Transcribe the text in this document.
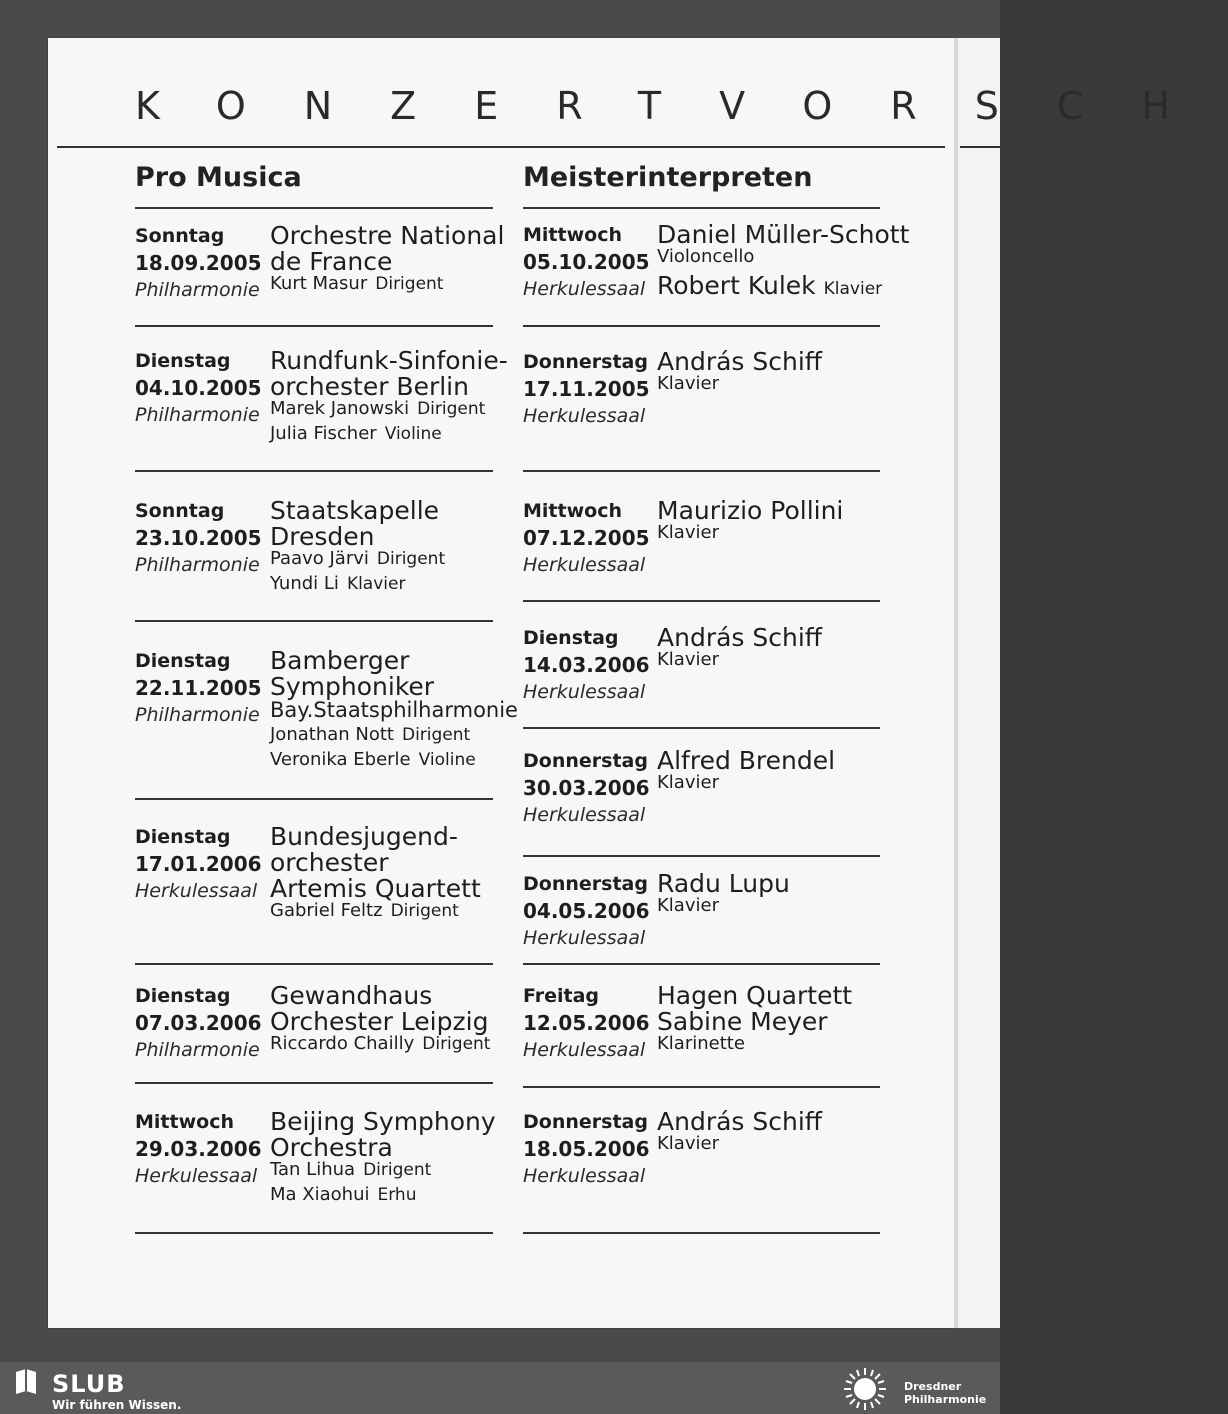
KONZERTVORSCH
Pro Musica	Meisterinterpreten
Sonntag
18.09.2005
Philharmonie
Orchestre National
de France
Kurt Masur Dirigent
Dienstag
04.10.2005
Philharmonie
Rundfunk-Sinfonie-
orchester Berlin
Marek Janowski Dirigent
Julia Fischer Violine
Sonntag
23.10.2005
Philharmonie
Staatskapelle
Dresden
Paavo Järvi Dirigent
Yundi Li Klavier
Dienstag
22.11.2005
Philharmonie
Bamberger
Symphoniker
Bay.Staatsphilharmonie
Jonathan Nott Dirigent
Veronika Eberle Violine
Dienstag
17.01.2006
Herkulessaal
Bundesjugend-
orchester
Artemis Quartett
Gabriel Feltz Dirigent
Dienstag
07.03.2006
Philharmonie
Gewandhaus
Orchester Leipzig
Riccardo Chailly Dirigent
Mittwoch
29.03.2006
Herkulessaal
Beijing Symphony
Orchestra
Tan Lihua Dirigent
Ma Xiaohui Erhu
Mittwoch
05.10.2005
Herkulessaal
Daniel Müller-Schott
Violoncello
Robert Kulek Klavier
Donnerstag
17.11.2005
Herkulessaal
András Schiff
Klavier
Mittwoch
07.12.2005
Herkulessaal
Maurizio Pollini
Klavier
Dienstag
14.03.2006
Herkulessaal
András Schiff
Klavier
Donnerstag
30.03.2006
Herkulessaal
Alfred Brendel
Klavier
Donnerstag
04.05.2006
Herkulessaal
Radu Lupu
Klavier
Freitag
12.05.2006
Herkulessaal
Hagen Quartett
Sabine Meyer
Klarinette
Donnerstag
18.05.2006
Herkulessaal
András Schiff
Klavier
SLUB
Wir führen Wissen.
Dresdner
Philharmonie
